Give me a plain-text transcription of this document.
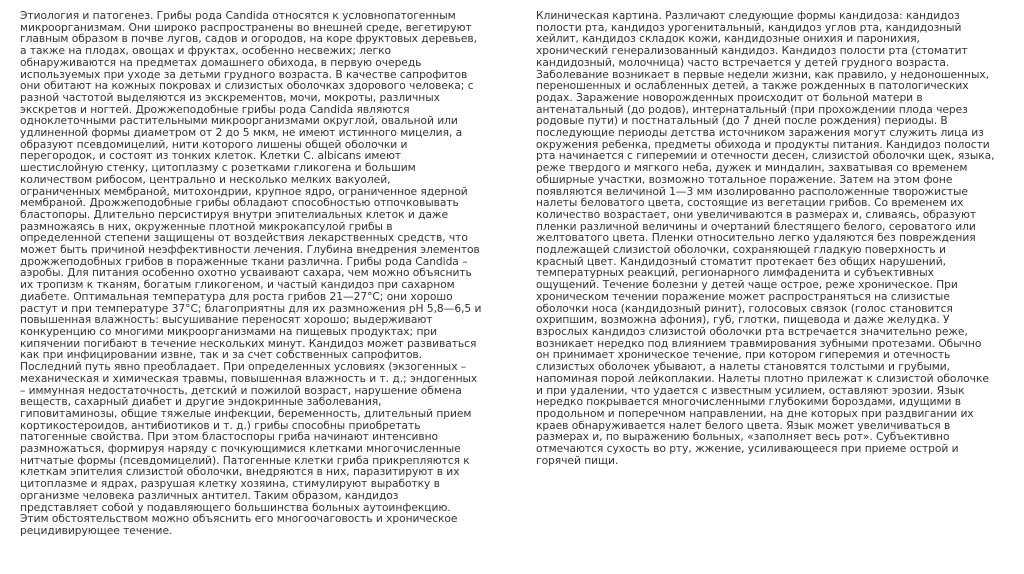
Этиология и патогенез. Грибы рода Candida относятся к условнопатогенным
микроорганизмам. Они широко распространены во внешней среде, вегетируют
главным образом в почве лугов, садов и огородов, на коре фруктовых деревьев,
а также на плодах, овощах и фруктах, особенно несвежих; легко
обнаруживаются на предметах домашнего обихода, в первую очередь
используемых при уходе за детьми грудного возраста. В качестве сапрофитов
они обитают на кожных покровах и слизистых оболочках здорового человека; с
разной частотой выделяются из экскрементов, мочи, мокроты, различных
экскретов и ногтей. Дрожжеподобные грибы рода Candida являются
одноклеточными растительными микроорганизмами округлой, овальной или
удлиненной формы диаметром от 2 до 5 мкм, не имеют истинного мицелия, а
образуют псевдомицелий, нити которого лишены общей оболочки и
перегородок, и состоят из тонких клеток. Клетки C. albicans имеют
шестислойную стенку, цитоплазму с розетками гликогена и большим
количеством рибосом, центрально и несколько мелких вакуолей,
ограниченных мембраной, митохондрии, крупное ядро, ограниченное ядерной
мембраной. Дрожжеподобные грибы обладают способностью отпочковывать
бластопоры. Длительно персистируя внутри эпителиальных клеток и даже
размножаясь в них, окруженные плотной микрокапсулой грибы в
определенной степени защищены от воздействия лекарственных средств, что
может быть причиной неэффективности лечения. Глубина внедрения элементов
дрожжеподобных грибов в пораженные ткани различна. Грибы рода Candida –
аэробы. Для питания особенно охотно усваивают сахара, чем можно объяснить
их тропизм к тканям, богатым гликогеном, и частый кандидоз при сахарном
диабете. Оптимальная температура для роста грибов 21—27°С; они хорошо
растут и при температуре 37°С; благоприятны для их размножения рН 5,8—6,5 и
повышенная влажность: высушивание переносят хорошо; выдерживают
конкуренцию со многими микроорганизмами на пищевых продуктах; при
кипячении погибают в течение нескольких минут. Кандидоз может развиваться
как при инфицировании извне, так и за счет собственных сапрофитов.
Последний путь явно преобладает. При определенных условиях (экзогенных –
механическая и химическая травмы, повышенная влажность и т. д.; эндогенных
– иммунная недостаточность, детский и пожилой возраст, нарушение обмена
веществ, сахарный диабет и другие эндокринные заболевания,
гиповитаминозы, общие тяжелые инфекции, беременность, длительный прием
кортикостероидов, антибиотиков и т. д.) грибы способны приобретать
патогенные свойства. При этом бластоспоры гриба начинают интенсивно
размножаться, формируя наряду с почкующимися клетками многочисленные
нитчатые формы (псевдомицелий). Патогенные клетки гриба прикрепляются к
клеткам эпителия слизистой оболочки, внедряются в них, паразитируют в их
цитоплазме и ядрах, разрушая клетку хозяина, стимулируют выработку в
организме человека различных антител. Таким образом, кандидоз
представляет собой у подавляющего большинства больных аутоинфекцию.
Этим обстоятельством можно объяснить его многоочаговость и хроническое
рецидивирующее течение.

Клиническая картина. Различают следующие формы кандидоза: кандидоз
полости рта, кандидоз урогенитальный, кандидоз углов рта, кандидозный
хейлит, кандидоз складок кожи, кандидозные онихия и паронихия,
хронический генерализованный кандидоз. Кандидоз полости рта (стоматит
кандидозный, молочница) часто встречается у детей грудного возраста.
Заболевание возникает в первые недели жизни, как правило, у недоношенных,
переношенных и ослабленных детей, а также рожденных в патологических
родах. Заражение новорожденных происходит от больной матери в
антенатальный (до родов), интернатальный (при прохождении плода через
родовые пути) и постнатальный (до 7 дней после рождения) периоды. В
последующие периоды детства источником заражения могут служить лица из
окружения ребенка, предметы обихода и продукты питания. Кандидоз полости
рта начинается с гиперемии и отечности десен, слизистой оболочки щек, языка,
реже твердого и мягкого неба, дужек и миндалин, захватывая со временем
обширные участки, возможно тотальное поражение. Затем на этом фоне
появляются величиной 1—3 мм изолированно расположенные творожистые
налеты беловатого цвета, состоящие из вегетации грибов. Со временем их
количество возрастает, они увеличиваются в размерах и, сливаясь, образуют
пленки различной величины и очертаний блестящего белого, сероватого или
желтоватого цвета. Пленки относительно легко удаляются без повреждения
подлежащей слизистой оболочки, сохраняющей гладкую поверхность и
красный цвет. Кандидозный стоматит протекает без общих нарушений,
температурных реакций, регионарного лимфаденита и субъективных
ощущений. Течение болезни у детей чаще острое, реже хроническое. При
хроническом течении поражение может распространяться на слизистые
оболочки носа (кандидозный ринит), голосовых связок (голос становится
охрипшим, возможна афония), губ, глотки, пищевода и даже желудка. У
взрослых кандидоз слизистой оболочки рта встречается значительно реже,
возникает нередко под влиянием травмирования зубными протезами. Обычно
он принимает хроническое течение, при котором гиперемия и отечность
слизистых оболочек убывают, а налеты становятся толстыми и грубыми,
напоминая порой лейкоплакии. Налеты плотно прилежат к слизистой оболочке
и при удалении, что удается с известным усилием, оставляют эрозии. Язык
нередко покрывается многочисленными глубокими бороздами, идущими в
продольном и поперечном направлении, на дне которых при раздвигании их
краев обнаруживается налет белого цвета. Язык может увеличиваться в
размерах и, по выражению больных, «заполняет весь рот». Субъективно
отмечаются сухость во рту, жжение, усиливающееся при приеме острой и
горячей пищи.
